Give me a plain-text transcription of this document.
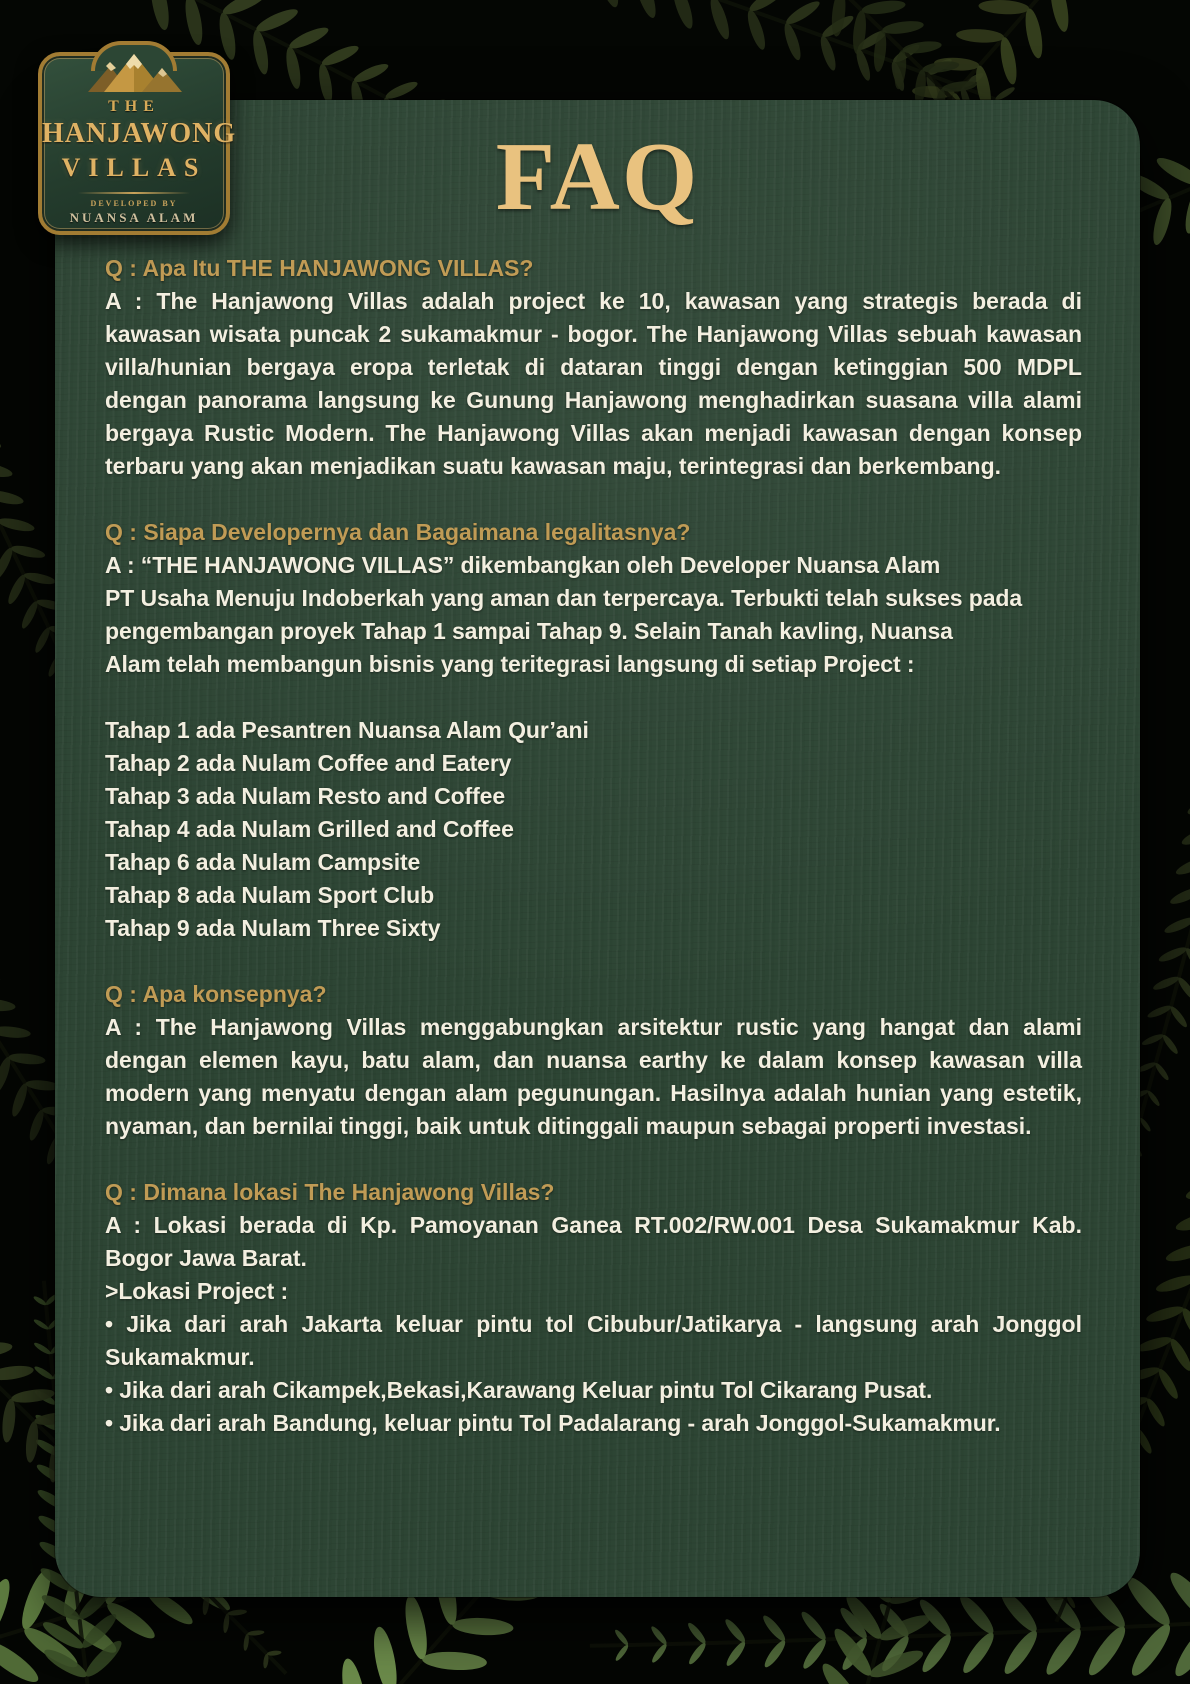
FAQ

Q : Apa Itu THE HANJAWONG VILLAS?

A : The Hanjawong Villas adalah project ke 10, kawasan yang strategis berada di kawasan wisata puncak 2 sukamakmur - bogor. The Hanjawong Villas sebuah kawasan villa/hunian bergaya eropa terletak di dataran tinggi dengan ketinggian 500 MDPL dengan panorama langsung ke Gunung Hanjawong menghadirkan suasana villa alami bergaya Rustic Modern. The Hanjawong Villas akan menjadi kawasan dengan konsep terbaru yang akan menjadikan suatu kawasan maju, terintegrasi dan berkembang.

Q : Siapa Developernya dan Bagaimana legalitasnya?

A : “THE HANJAWONG VILLAS” dikembangkan oleh Developer Nuansa Alam

PT Usaha Menuju Indoberkah yang aman dan terpercaya. Terbukti telah sukses pada

pengembangan proyek Tahap 1 sampai Tahap 9. Selain Tanah kavling, Nuansa

Alam telah membangun bisnis yang teritegrasi langsung di setiap Project :

Tahap 1 ada Pesantren Nuansa Alam Qur’ani

Tahap 2 ada Nulam Coffee and Eatery

Tahap 3 ada Nulam Resto and Coffee

Tahap 4 ada Nulam Grilled and Coffee

Tahap 6 ada Nulam Campsite

Tahap 8 ada Nulam Sport Club

Tahap 9 ada Nulam Three Sixty

Q : Apa konsepnya?

A : The Hanjawong Villas menggabungkan arsitektur rustic yang hangat dan alami dengan elemen kayu, batu alam, dan nuansa earthy ke dalam konsep kawasan villa modern yang menyatu dengan alam pegunungan. Hasilnya adalah hunian yang estetik, nyaman, dan bernilai tinggi, baik untuk ditinggali maupun sebagai properti investasi.

Q : Dimana lokasi The Hanjawong Villas?

A : Lokasi berada di Kp. Pamoyanan Ganea RT.002/RW.001 Desa Sukamakmur Kab. Bogor Jawa Barat.

>Lokasi Project :

• Jika dari arah Jakarta keluar pintu tol Cibubur/Jatikarya - langsung arah Jonggol Sukamakmur.

• Jika dari arah Cikampek,Bekasi,Karawang Keluar pintu Tol Cikarang Pusat.

• Jika dari arah Bandung, keluar pintu Tol Padalarang - arah Jonggol-Sukamakmur.

THE
HANJAWONG
VILLAS
DEVELOPED BY
NUANSA ALAM
